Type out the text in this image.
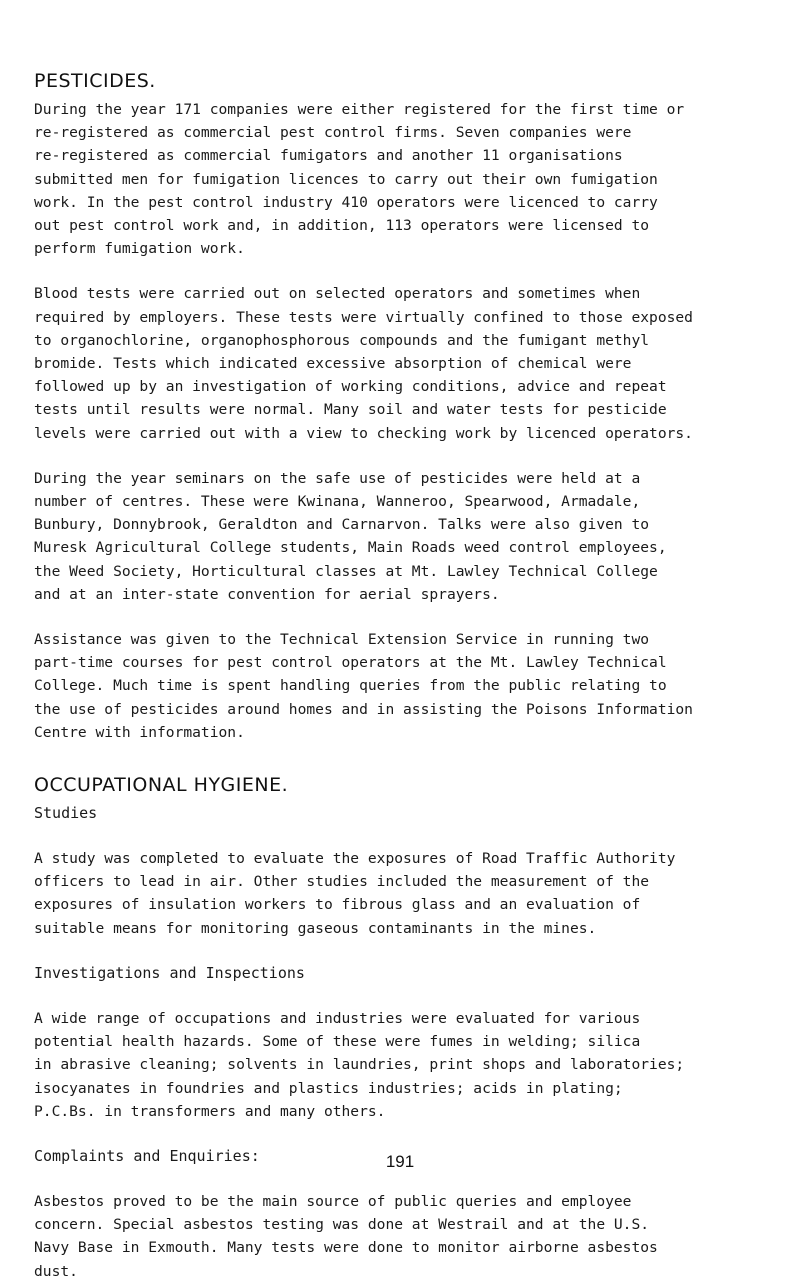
PESTICIDES.

During the year 171 companies were either registered for the first time or
re-registered as commercial pest control firms. Seven companies were
re-registered as commercial fumigators and another 11 organisations
submitted men for fumigation licences to carry out their own fumigation
work. In the pest control industry 410 operators were licenced to carry
out pest control work and, in addition, 113 operators were licensed to
perform fumigation work.

Blood tests were carried out on selected operators and sometimes when
required by employers. These tests were virtually confined to those exposed
to organochlorine, organophosphorous compounds and the fumigant methyl
bromide. Tests which indicated excessive absorption of chemical were
followed up by an investigation of working conditions, advice and repeat
tests until results were normal. Many soil and water tests for pesticide
levels were carried out with a view to checking work by licenced operators.

During the year seminars on the safe use of pesticides were held at a
number of centres. These were Kwinana, Wanneroo, Spearwood, Armadale,
Bunbury, Donnybrook, Geraldton and Carnarvon. Talks were also given to
Muresk Agricultural College students, Main Roads weed control employees,
the Weed Society, Horticultural classes at Mt. Lawley Technical College
and at an inter-state convention for aerial sprayers.

Assistance was given to the Technical Extension Service in running two
part-time courses for pest control operators at the Mt. Lawley Technical
College. Much time is spent handling queries from the public relating to
the use of pesticides around homes and in assisting the Poisons Information
Centre with information.

OCCUPATIONAL HYGIENE.

Studies

A study was completed to evaluate the exposures of Road Traffic Authority
officers to lead in air. Other studies included the measurement of the
exposures of insulation workers to fibrous glass and an evaluation of
suitable means for monitoring gaseous contaminants in the mines.

Investigations and Inspections

A wide range of occupations and industries were evaluated for various
potential health hazards. Some of these were fumes in welding; silica
in abrasive cleaning; solvents in laundries, print shops and laboratories;
isocyanates in foundries and plastics industries; acids in plating;
P.C.Bs. in transformers and many others.

Complaints and Enquiries:

Asbestos proved to be the main source of public queries and employee
concern. Special asbestos testing was done at Westrail and at the U.S.
Navy Base in Exmouth. Many tests were done to monitor airborne asbestos
dust.

191
